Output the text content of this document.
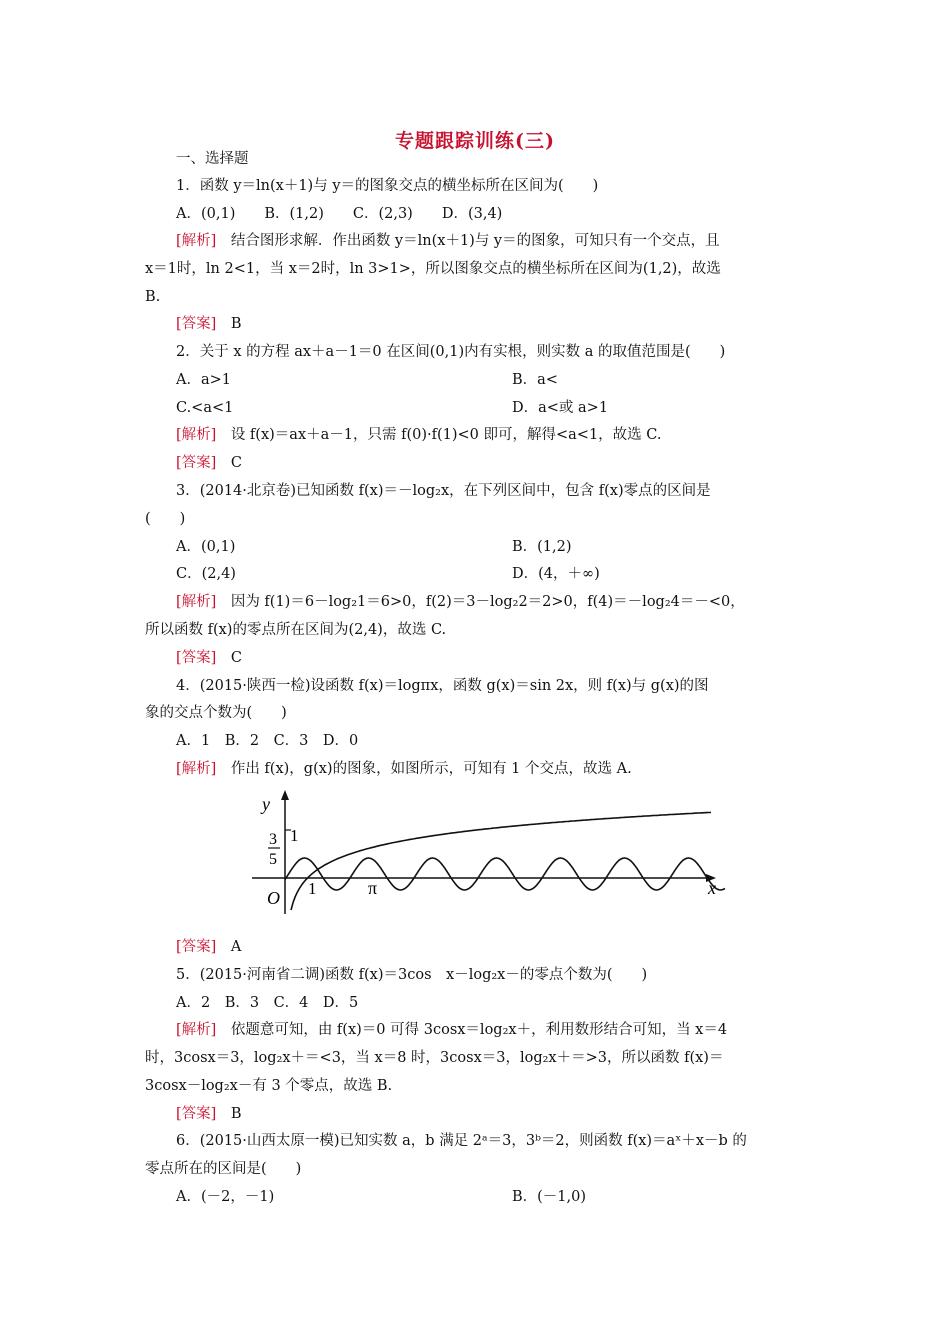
专题跟踪训练(三)
一、选择题
1．函数 y＝ln(x＋1)与 y＝的图象交点的横坐标所在区间为(　　)
A．(0,1)　　B．(1,2)　　C．(2,3)　　D．(3,4)
[解析]　 结合图形求解．作出函数 y＝ln(x＋1)与 y＝的图象，可知只有一个交点，且
x＝1时，ln 2<1，当 x＝2时，ln 3>1>，所以图象交点的横坐标所在区间为(1,2)，故选
B.
[答案]　 B
2．关于 x 的方程 ax＋a－1＝0 在区间(0,1)内有实根，则实数 a 的取值范围是(　　)
A．a>1	B．a<
C.<a<1	D．a<或 a>1
[解析]　 设 f(x)＝ax＋a－1，只需 f(0)·f(1)<0 即可，解得<a<1，故选 C.
[答案]　 C
3．(2014·北京卷)已知函数 f(x)＝－log₂x，在下列区间中，包含 f(x)零点的区间是
(　　)
A．(0,1)	B．(1,2)
C．(2,4)	D．(4，＋∞)
[解析]　 因为 f(1)＝6－log₂1＝6>0，f(2)＝3－log₂2＝2>0，f(4)＝－log₂4＝－<0，
所以函数 f(x)的零点所在区间为(2,4)，故选 C.
[答案]　 C
4．(2015·陕西一检)设函数 f(x)＝logπx，函数 g(x)＝sin 2x，则 f(x)与 g(x)的图
象的交点个数为(　　)
A．1　B．2　C．3　D．0
[解析]　 作出 f(x)，g(x)的图象，如图所示，可知有 1 个交点，故选 A.
y
x
O
1
3
5
1	π
[答案]　 A
5．(2015·河南省二调)函数 f(x)＝3cos　x－log₂x－的零点个数为(　　)
A．2　B．3　C．4　D．5
[解析]　 依题意可知，由 f(x)＝0 可得 3cosx＝log₂x＋，利用数形结合可知，当 x＝4
时，3cosx＝3，log₂x＋＝<3，当 x＝8 时，3cosx＝3，log₂x＋＝>3，所以函数 f(x)＝
3cosx－log₂x－有 3 个零点，故选 B.
[答案]　 B
6．(2015·山西太原一模)已知实数 a，b 满足 2ᵃ＝3，3ᵇ＝2，则函数 f(x)＝aˣ＋x－b 的
零点所在的区间是(　　)
A．(－2，－1)	B．(－1,0)
